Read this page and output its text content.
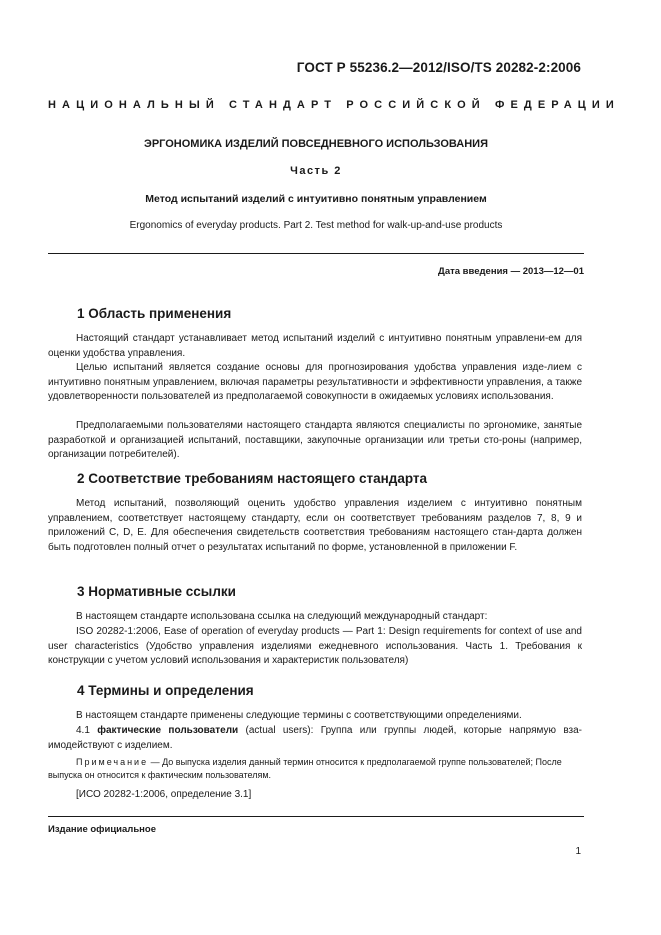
ГОСТ Р 55236.2—2012/ISO/TS 20282-2:2006
НАЦИОНАЛЬНЫЙ СТАНДАРТ РОССИЙСКОЙ ФЕДЕРАЦИИ
ЭРГОНОМИКА ИЗДЕЛИЙ ПОВСЕДНЕВНОГО ИСПОЛЬЗОВАНИЯ
Часть 2
Метод испытаний изделий с интуитивно понятным управлением
Ergonomics of everyday products. Part 2. Test method for walk-up-and-use products
Дата введения — 2013—12—01
1 Область применения
Настоящий стандарт устанавливает метод испытаний изделий с интуитивно понятным управлени-ем для оценки удобства управления.
Целью испытаний является создание основы для прогнозирования удобства управления изде-лием с интуитивно понятным управлением, включая параметры результативности и эффективности управления, а также удовлетворенности пользователей из предполагаемой совокупности в ожидаемых условиях использования.
Предполагаемыми пользователями настоящего стандарта являются специалисты по эргономике, занятые разработкой и организацией испытаний, поставщики, закупочные организации или третьи сто-роны (например, организации потребителей).
2 Соответствие требованиям настоящего стандарта
Метод испытаний, позволяющий оценить удобство управления изделием с интуитивно понятным управлением, соответствует настоящему стандарту, если он соответствует требованиям разделов 7, 8, 9 и приложений C, D, E. Для обеспечения свидетельств соответствия требованиям настоящего стан-дарта должен быть подготовлен полный отчет о результатах испытаний по форме, установленной в приложении F.
3 Нормативные ссылки
В настоящем стандарте использована ссылка на следующий международный стандарт:
ISO 20282-1:2006, Ease of operation of everyday products — Part 1: Design requirements for context of use and user characteristics (Удобство управления изделиями ежедневного использования. Часть 1. Требования к конструкции с учетом условий использования и характеристик пользователя)
4 Термины и определения
В настоящем стандарте применены следующие термины с соответствующими определениями.
4.1 фактические пользователи (actual users): Группа или группы людей, которые напрямую вза-имодействуют с изделием.
Примечание — До выпуска изделия данный термин относится к предполагаемой группе пользователей; После выпуска он относится к фактическим пользователям.
[ИСО 20282-1:2006, определение 3.1]
Издание официальное
1
